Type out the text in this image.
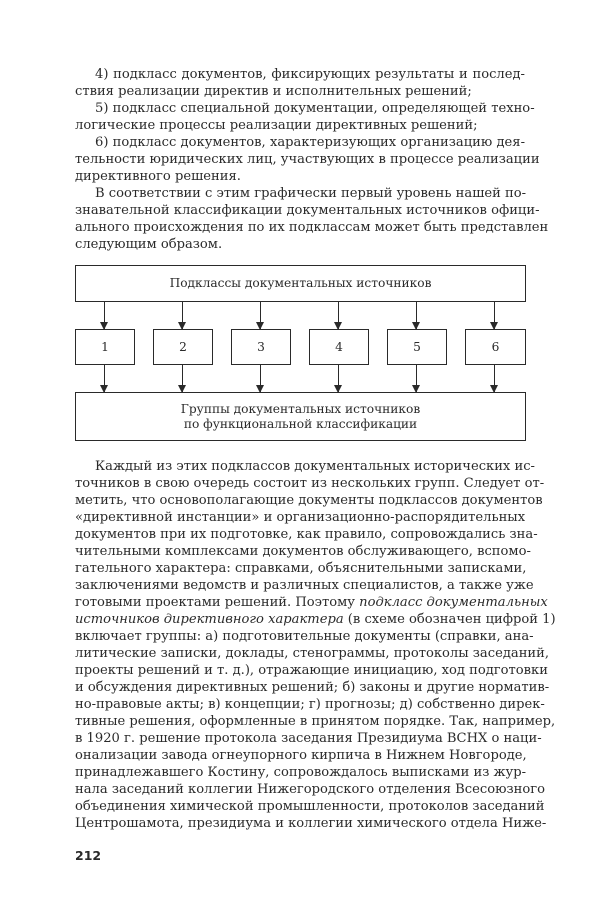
4) подкласс документов, фиксирующих результаты и послед-
ствия реализации директив и исполнительных решений;
5) подкласс специальной документации, определяющей техно-
логические процессы реализации директивных решений;
6) подкласс документов, характеризующих организацию дея-
тельности юридических лиц, участвующих в процессе реализации
директивного решения.
В соответствии с этим графически первый уровень нашей по-
знавательной классификации документальных источников офици-
ального происхождения по их подклассам может быть представлен
следующим образом.
Подклассы документальных источников
1	2	3	4	5	6
Группы документальных источников
по функциональной классификации
Каждый из этих подклассов документальных исторических ис-
точников в свою очередь состоит из нескольких групп. Следует от-
метить, что основополагающие документы подклассов документов
«директивной инстанции» и организационно-распорядительных
документов при их подготовке, как правило, сопровождались зна-
чительными комплексами документов обслуживающего, вспомо-
гательного характера: справками, объяснительными записками,
заключениями ведомств и различных специалистов, а также уже
готовыми проектами решений. Поэтому подкласс документальных
источников директивного характера (в схеме обозначен цифрой 1)
включает группы: а) подготовительные документы (справки, ана-
литические записки, доклады, стенограммы, протоколы заседаний,
проекты решений и т. д.), отражающие инициацию, ход подготовки
и обсуждения директивных решений; б) законы и другие норматив-
но-правовые акты; в) концепции; г) прогнозы; д) собственно дирек-
тивные решения, оформленные в принятом порядке. Так, например,
в 1920 г. решение протокола заседания Президиума ВСНХ о наци-
онализации завода огнеупорного кирпича в Нижнем Новгороде,
принадлежавшего Костину, сопровождалось выписками из жур-
нала заседаний коллегии Нижегородского отделения Всесоюзного
объединения химической промышленности, протоколов заседаний
Центрошамота, президиума и коллегии химического отдела Ниже-
212
